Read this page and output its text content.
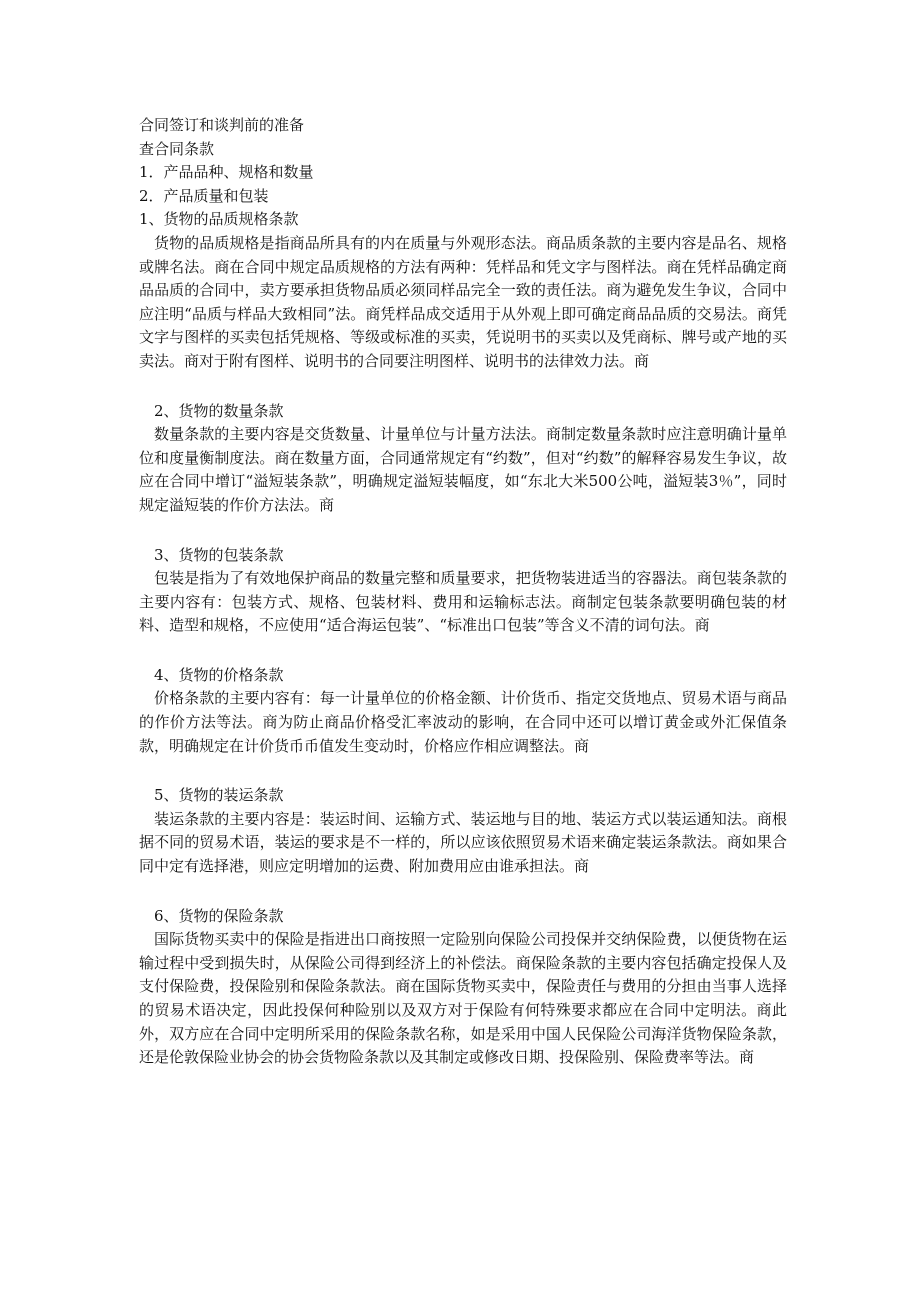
合同签订和谈判前的准备
查合同条款
1．产品品种、规格和数量
2．产品质量和包装
1、货物的品质规格条款
货物的品质规格是指商品所具有的内在质量与外观形态法。商品质条款的主要内容是品名、规格或牌名法。商在合同中规定品质规格的方法有两种：凭样品和凭文字与图样法。商在凭样品确定商品品质的合同中，卖方要承担货物品质必须同样品完全一致的责任法。商为避免发生争议，合同中应注明“品质与样品大致相同”法。商凭样品成交适用于从外观上即可确定商品品质的交易法。商凭文字与图样的买卖包括凭规格、等级或标准的买卖，凭说明书的买卖以及凭商标、牌号或产地的买卖法。商对于附有图样、说明书的合同要注明图样、说明书的法律效力法。商
2、货物的数量条款
数量条款的主要内容是交货数量、计量单位与计量方法法。商制定数量条款时应注意明确计量单位和度量衡制度法。商在数量方面，合同通常规定有“约数”，但对“约数”的解释容易发生争议，故应在合同中增订“溢短装条款”，明确规定溢短装幅度，如“东北大米500公吨，溢短装3％”，同时规定溢短装的作价方法法。商
3、货物的包装条款
包装是指为了有效地保护商品的数量完整和质量要求，把货物装进适当的容器法。商包装条款的主要内容有：包装方式、规格、包装材料、费用和运输标志法。商制定包装条款要明确包装的材料、造型和规格，不应使用“适合海运包装”、“标准出口包装”等含义不清的词句法。商
4、货物的价格条款
价格条款的主要内容有：每一计量单位的价格金额、计价货币、指定交货地点、贸易术语与商品的作价方法等法。商为防止商品价格受汇率波动的影响，在合同中还可以增订黄金或外汇保值条款，明确规定在计价货币币值发生变动时，价格应作相应调整法。商
5、货物的装运条款
装运条款的主要内容是：装运时间、运输方式、装运地与目的地、装运方式以装运通知法。商根据不同的贸易术语，装运的要求是不一样的，所以应该依照贸易术语来确定装运条款法。商如果合同中定有选择港，则应定明增加的运费、附加费用应由谁承担法。商
6、货物的保险条款
国际货物买卖中的保险是指进出口商按照一定险别向保险公司投保并交纳保险费，以便货物在运输过程中受到损失时，从保险公司得到经济上的补偿法。商保险条款的主要内容包括确定投保人及支付保险费，投保险别和保险条款法。商在国际货物买卖中，保险责任与费用的分担由当事人选择的贸易术语决定，因此投保何种险别以及双方对于保险有何特殊要求都应在合同中定明法。商此外，双方应在合同中定明所采用的保险条款名称，如是采用中国人民保险公司海洋货物保险条款，还是伦敦保险业协会的协会货物险条款以及其制定或修改日期、投保险别、保险费率等法。商
